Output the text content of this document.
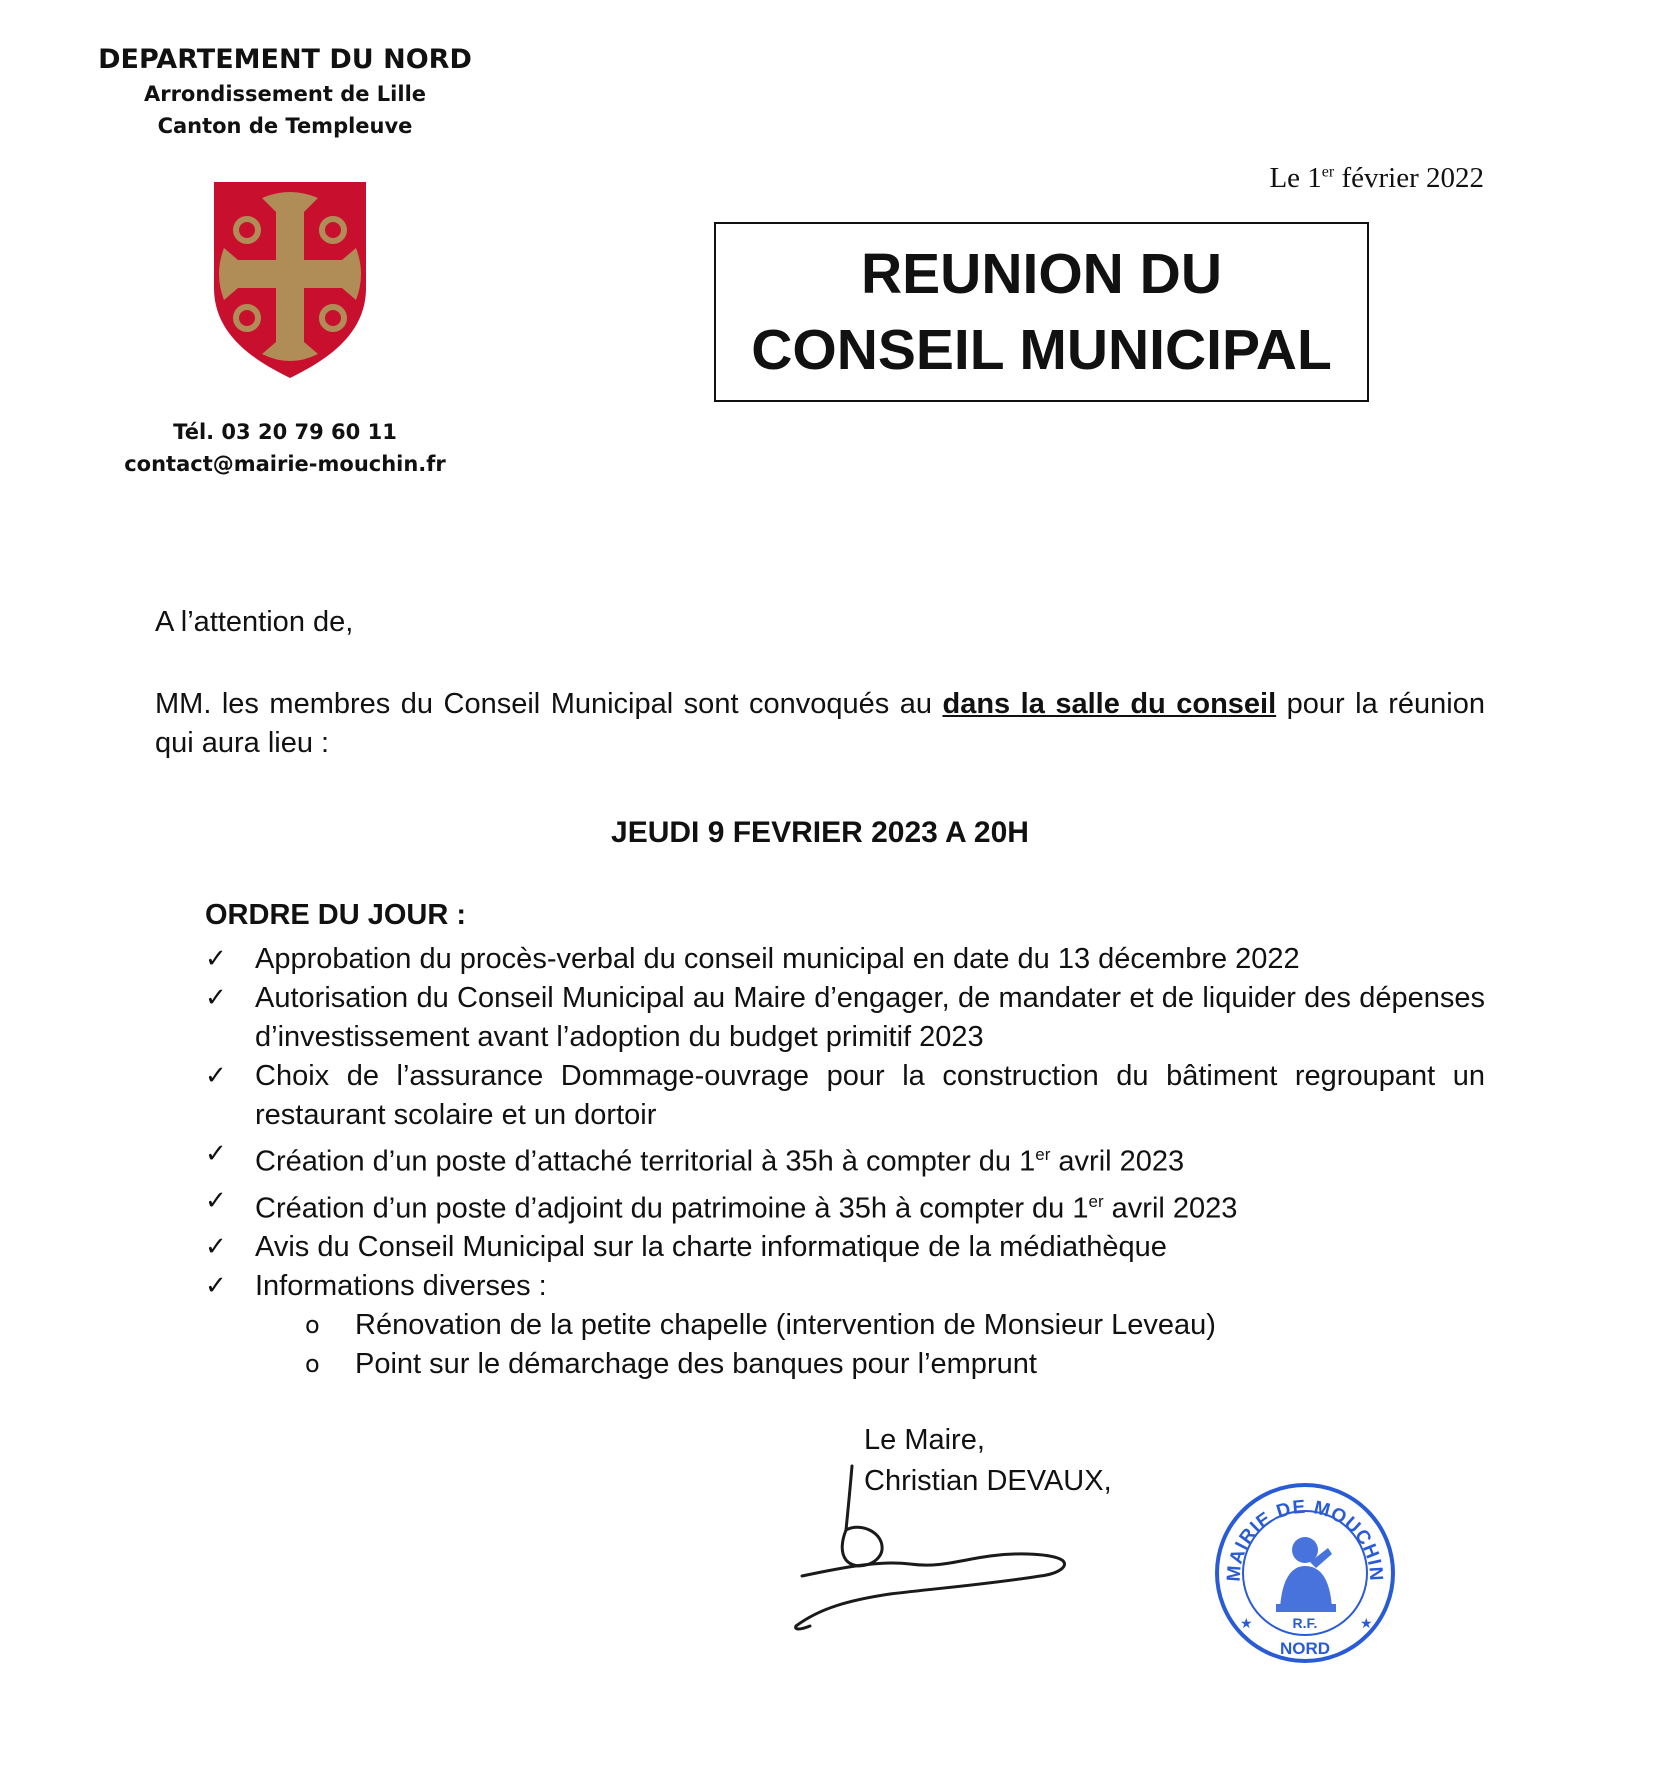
DEPARTEMENT DU NORD
Arrondissement de Lille
Canton de Templeuve
Tél. 03 20 79 60 11
contact@mairie-mouchin.fr
Le 1er février 2022
REUNION DU
CONSEIL MUNICIPAL
A l’attention de,
MM. les membres du Conseil Municipal sont convoqués au dans la salle du conseil pour la réunion qui aura lieu :
JEUDI 9 FEVRIER 2023 A 20H
ORDRE DU JOUR :
✓ Approbation du procès-verbal du conseil municipal en date du 13 décembre 2022
✓ Autorisation du Conseil Municipal au Maire d’engager, de mandater et de liquider des dépenses d’investissement avant l’adoption du budget primitif 2023
✓ Choix de l’assurance Dommage-ouvrage pour la construction du bâtiment regroupant un restaurant scolaire et un dortoir
✓ Création d’un poste d’attaché territorial à 35h à compter du 1er avril 2023
✓ Création d’un poste d’adjoint du patrimoine à 35h à compter du 1er avril 2023
✓ Avis du Conseil Municipal sur la charte informatique de la médiathèque
✓ Informations diverses :
o Rénovation de la petite chapelle (intervention de Monsieur Leveau)
o Point sur le démarchage des banques pour l’emprunt
Le Maire,
Christian DEVAUX,
MAIRIE DE MOUCHIN
R.F.
NORD
★	★
